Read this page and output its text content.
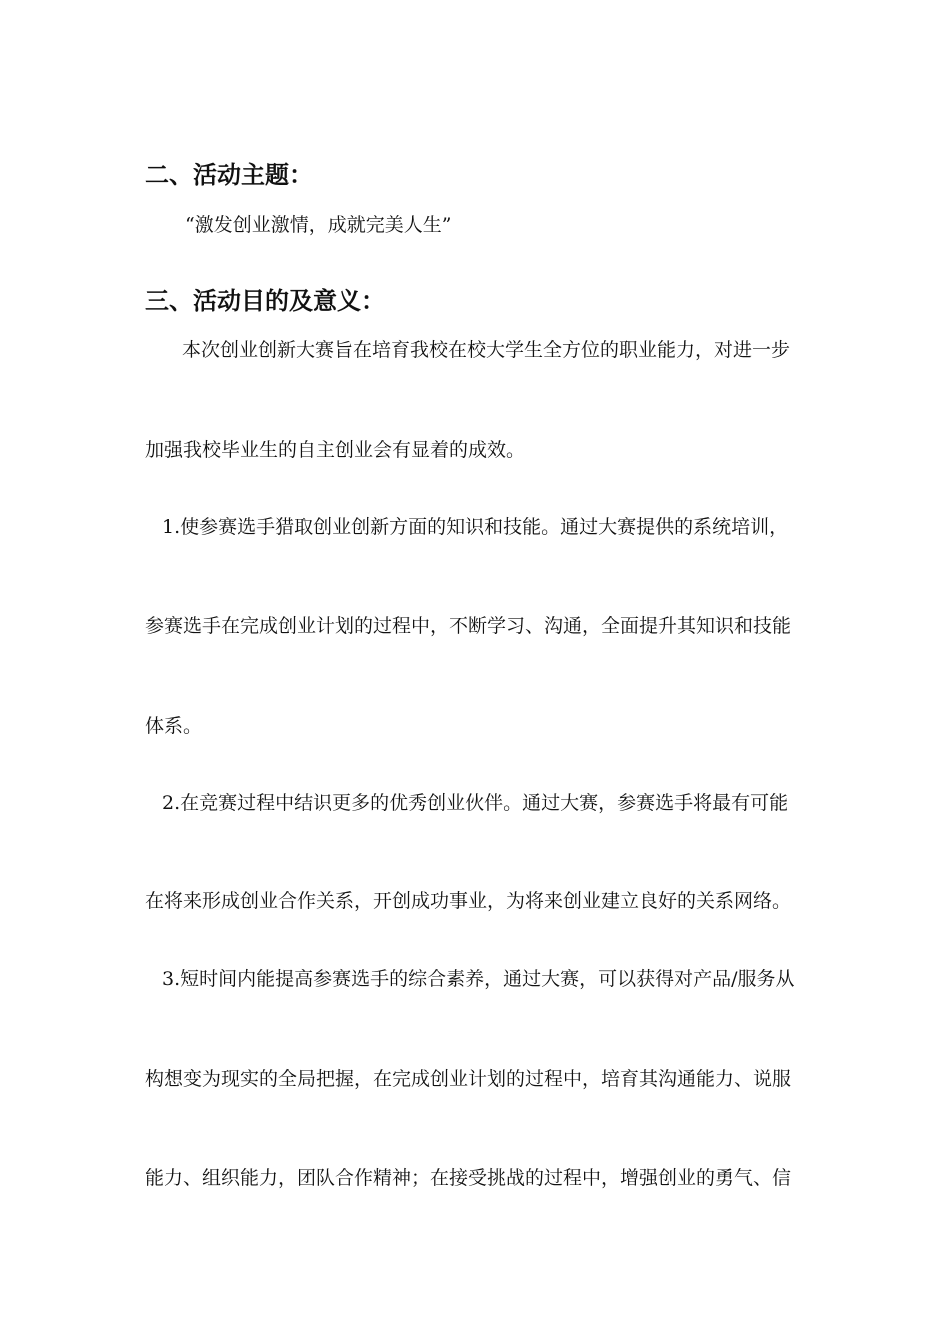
二、活动主题：
“激发创业激情，成就完美人生”
三、活动目的及意义：
本次创业创新大赛旨在培育我校在校大学生全方位的职业能力，对进一步
加强我校毕业生的自主创业会有显着的成效。
1.使参赛选手猎取创业创新方面的知识和技能。通过大赛提供的系统培训，
参赛选手在完成创业计划的过程中，不断学习、沟通，全面提升其知识和技能
体系。
2.在竞赛过程中结识更多的优秀创业伙伴。通过大赛，参赛选手将最有可能
在将来形成创业合作关系，开创成功事业，为将来创业建立良好的关系网络。
3.短时间内能提高参赛选手的综合素养，通过大赛，可以获得对产品/服务从
构想变为现实的全局把握，在完成创业计划的过程中，培育其沟通能力、说服
能力、组织能力，团队合作精神；在接受挑战的过程中，增强创业的勇气、信
